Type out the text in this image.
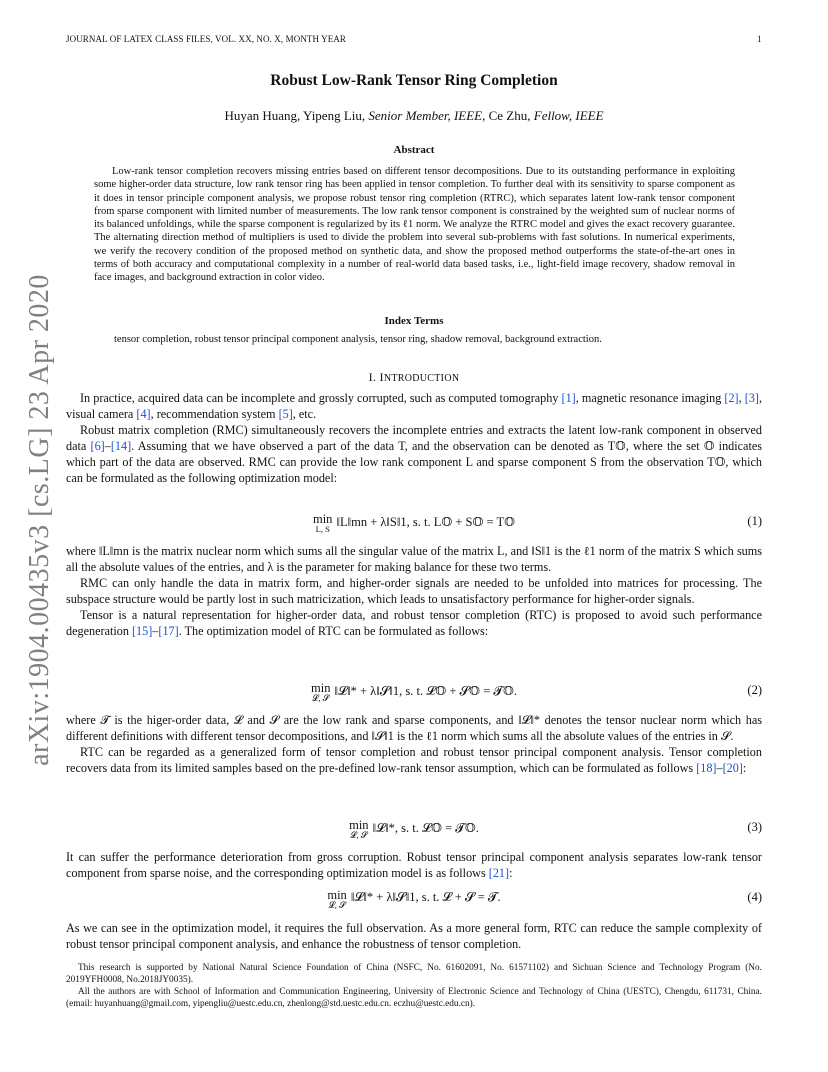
JOURNAL OF LATEX CLASS FILES, VOL. XX, NO. X, MONTH YEAR	1
arXiv:1904.00435v3 [cs.LG] 23 Apr 2020
Robust Low-Rank Tensor Ring Completion
Huyan Huang, Yipeng Liu, Senior Member, IEEE, Ce Zhu, Fellow, IEEE
Abstract
Low-rank tensor completion recovers missing entries based on different tensor decompositions. Due to its outstanding performance in exploiting some higher-order data structure, low rank tensor ring has been applied in tensor completion. To further deal with its sensitivity to sparse component as it does in tensor principle component analysis, we propose robust tensor ring completion (RTRC), which separates latent low-rank tensor component from sparse component with limited number of measurements. The low rank tensor component is constrained by the weighted sum of nuclear norms of its balanced unfoldings, while the sparse component is regularized by its ℓ1 norm. We analyze the RTRC model and gives the exact recovery guarantee. The alternating direction method of multipliers is used to divide the problem into several sub-problems with fast solutions. In numerical experiments, we verify the recovery condition of the proposed method on synthetic data, and show the proposed method outperforms the state-of-the-art ones in terms of both accuracy and computational complexity in a number of real-world data based tasks, i.e., light-field image recovery, shadow removal in face images, and background extraction in color video.
Index Terms
tensor completion, robust tensor principal component analysis, tensor ring, shadow removal, background extraction.
I. INTRODUCTION

In practice, acquired data can be incomplete and grossly corrupted, such as computed tomography [1], magnetic resonance imaging [2], [3], visual camera [4], recommendation system [5], etc.

Robust matrix completion (RMC) simultaneously recovers the incomplete entries and extracts the latent low-rank component in observed data [6]–[14]. Assuming that we have observed a part of the data T, and the observation can be denoted as T𝕆, where the set 𝕆 indicates which part of the data are observed. RMC can provide the low rank component L and sparse component S from the observation T𝕆, which can be formulated as the following optimization model:

min
L, S ‖L‖mn + λ‖S‖1, s. t. L𝕆 + S𝕆 = T𝕆	(1)

where ‖L‖mn is the matrix nuclear norm which sums all the singular value of the matrix L, and ‖S‖1 is the ℓ1 norm of the matrix S which sums all the absolute values of the entries, and λ is the parameter for making balance for these two terms.

RMC can only handle the data in matrix form, and higher-order signals are needed to be unfolded into matrices for processing. The subspace structure would be partly lost in such matricization, which leads to unsatisfactory performance for higher-order signals.

Tensor is a natural representation for higher-order data, and robust tensor completion (RTC) is proposed to avoid such performance degeneration [15]–[17]. The optimization model of RTC can be formulated as follows:

min
𝓛, 𝓢 ‖𝓛‖* + λ‖𝓢‖1, s. t. 𝓛𝕆 + 𝓢𝕆 = 𝓣𝕆.	(2)

where 𝓣 is the higer-order data, 𝓛 and 𝓢 are the low rank and sparse components, and ‖𝓛‖* denotes the tensor nuclear norm which has different definitions with different tensor decompositions, and ‖𝓢‖1 is the ℓ1 norm which sums all the absolute values of the entries in 𝓢.

RTC can be regarded as a generalized form of tensor completion and robust tensor principal component analysis. Tensor completion recovers data from its limited samples based on the pre-defined low-rank tensor assumption, which can be formulated as follows [18]–[20]:

min
𝓛, 𝓢 ‖𝓛‖*, s. t. 𝓛𝕆 = 𝓣𝕆.	(3)

It can suffer the performance deterioration from gross corruption. Robust tensor principal component analysis separates low-rank tensor component from sparse noise, and the corresponding optimization model is as follows [21]:

min
𝓛, 𝓢
‖𝓛‖* + λ‖𝓢‖1, s. t. 𝓛 + 𝓢 = 𝓣.	(4)

As we can see in the optimization model, it requires the full observation. As a more general form, RTC can reduce the sample complexity of robust tensor principal component analysis, and enhance the robustness of tensor completion.

This research is supported by National Natural Science Foundation of China (NSFC, No. 61602091, No. 61571102) and Sichuan Science and Technology Program (No. 2019YFH0008, No.2018JY0035).

All the authors are with School of Information and Communication Engineering, University of Electronic Science and Technology of China (UESTC), Chengdu, 611731, China. (email: huyanhuang@gmail.com, yipengliu@uestc.edu.cn, zhenlong@std.uestc.edu.cn. eczhu@uestc.edu.cn).
